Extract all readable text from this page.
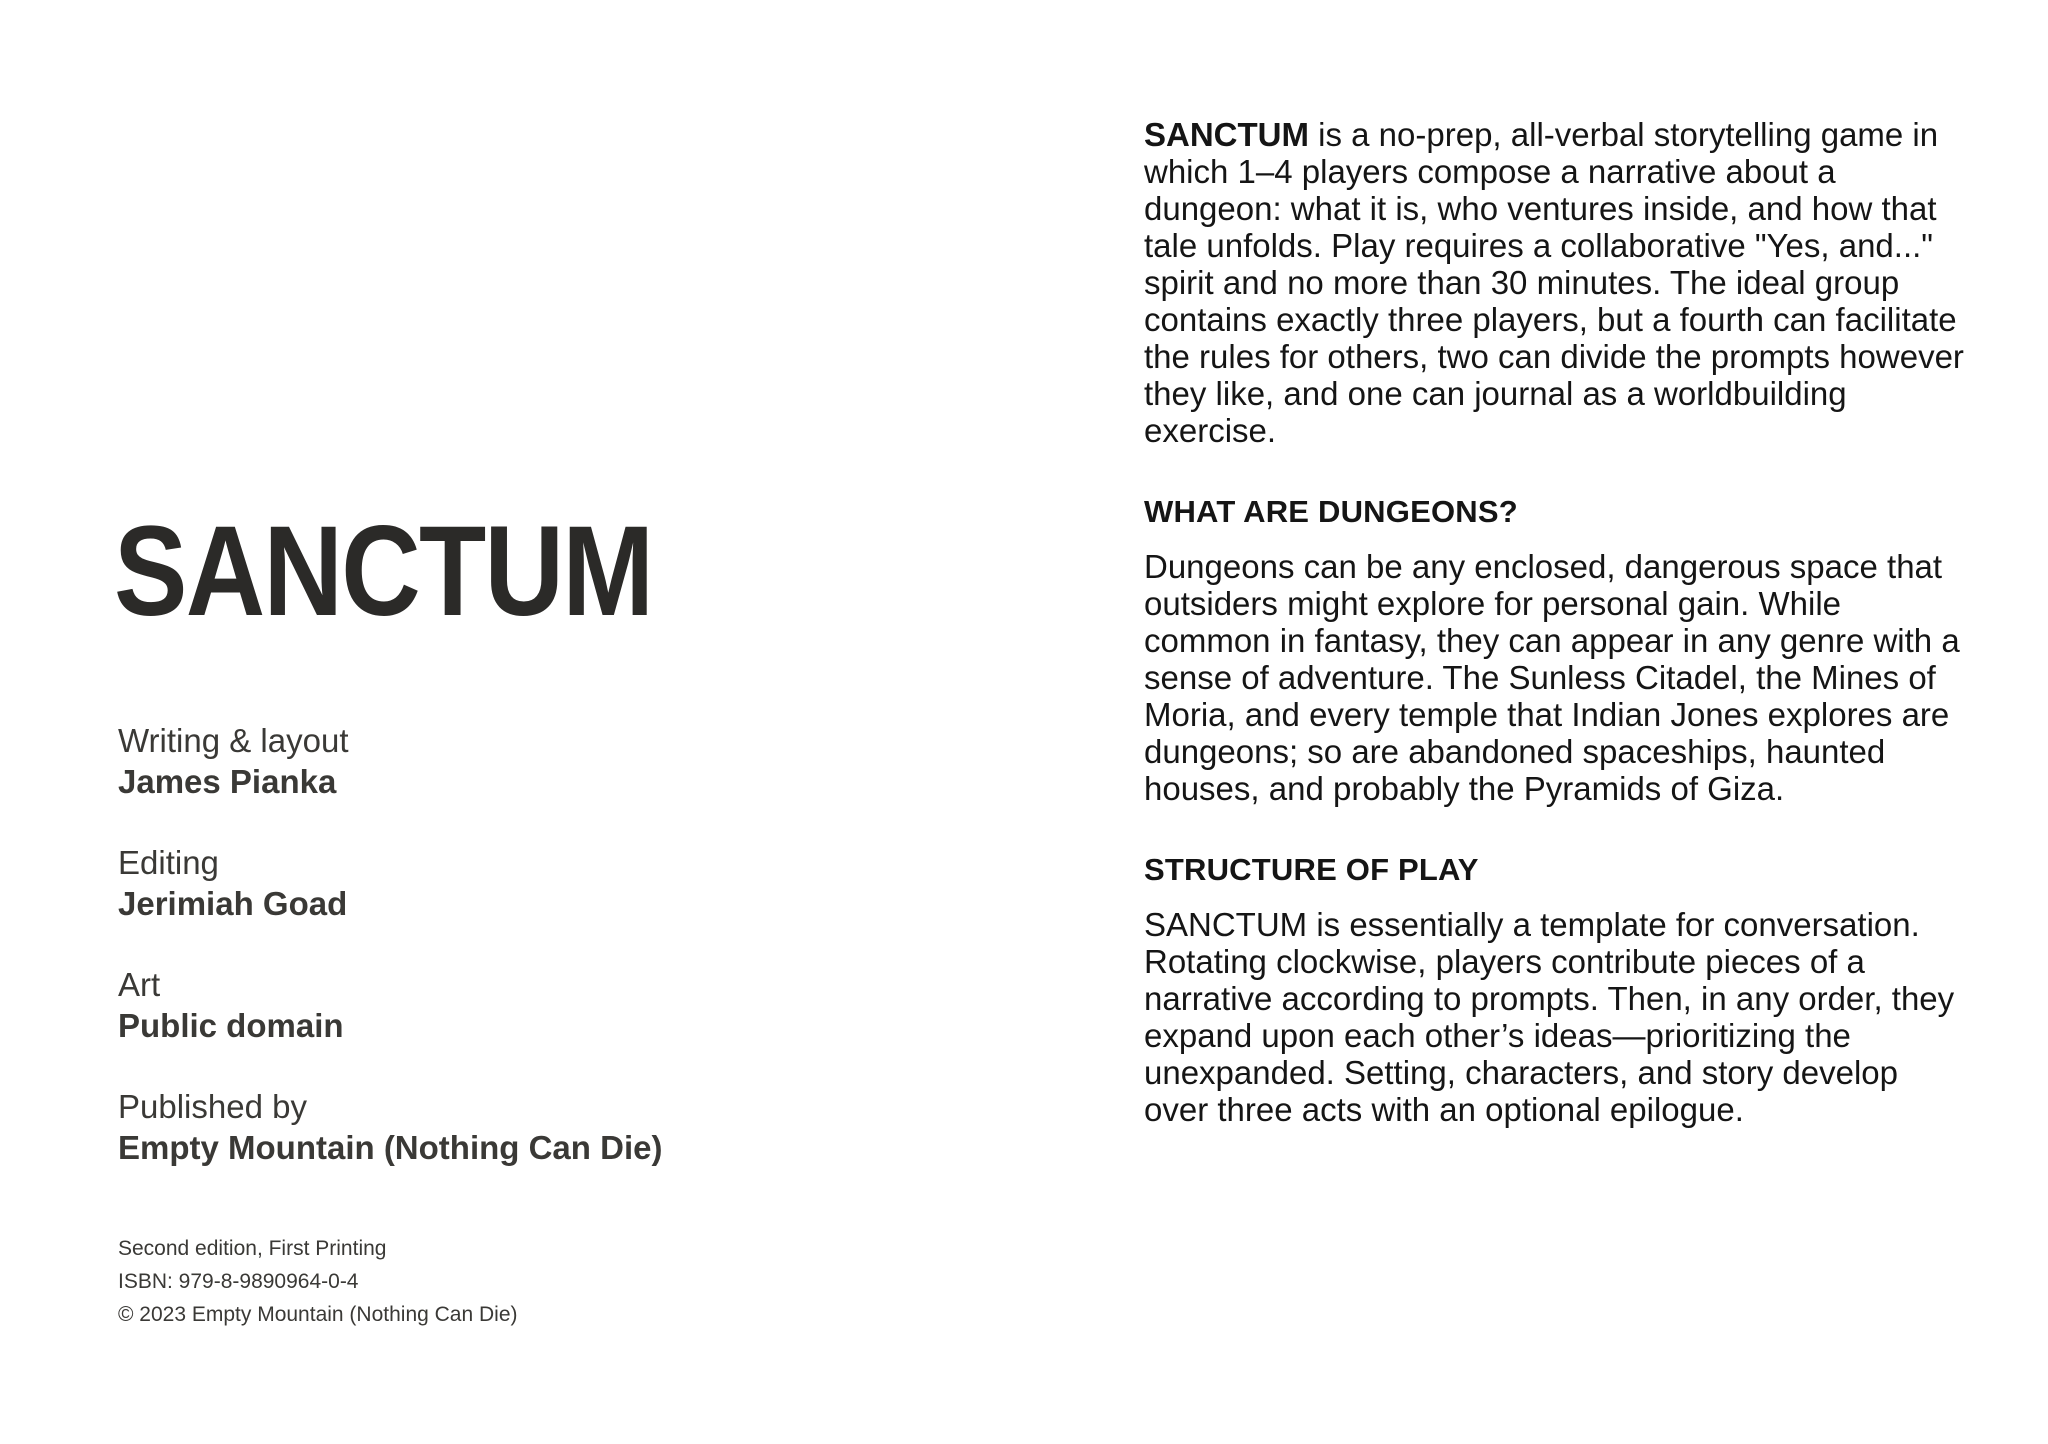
SANCTUM
Writing & layout
James Pianka
Editing
Jerimiah Goad
Art
Public domain
Published by
Empty Mountain (Nothing Can Die)
Second edition, First Printing
ISBN: 979-8-9890964-0-4
© 2023 Empty Mountain (Nothing Can Die)

SANCTUM is a no-prep, all-verbal storytelling game in which 1–4 players compose a narrative about a dungeon: what it is, who ventures inside, and how that tale unfolds. Play requires a collaborative "Yes, and..." spirit and no more than 30 minutes. The ideal group contains exactly three players, but a fourth can facilitate the rules for others, two can divide the prompts however they like, and one can journal as a worldbuilding exercise.

WHAT ARE DUNGEONS?

Dungeons can be any enclosed, dangerous space that outsiders might explore for personal gain. While common in fantasy, they can appear in any genre with a sense of adventure. The Sunless Citadel, the Mines of Moria, and every temple that Indian Jones explores are dungeons; so are abandoned spaceships, haunted houses, and probably the Pyramids of Giza.

STRUCTURE OF PLAY

SANCTUM is essentially a template for conversation. Rotating clockwise, players contribute pieces of a narrative according to prompts. Then, in any order, they expand upon each other’s ideas—prioritizing the unexpanded. Setting, characters, and story develop over three acts with an optional epilogue.
